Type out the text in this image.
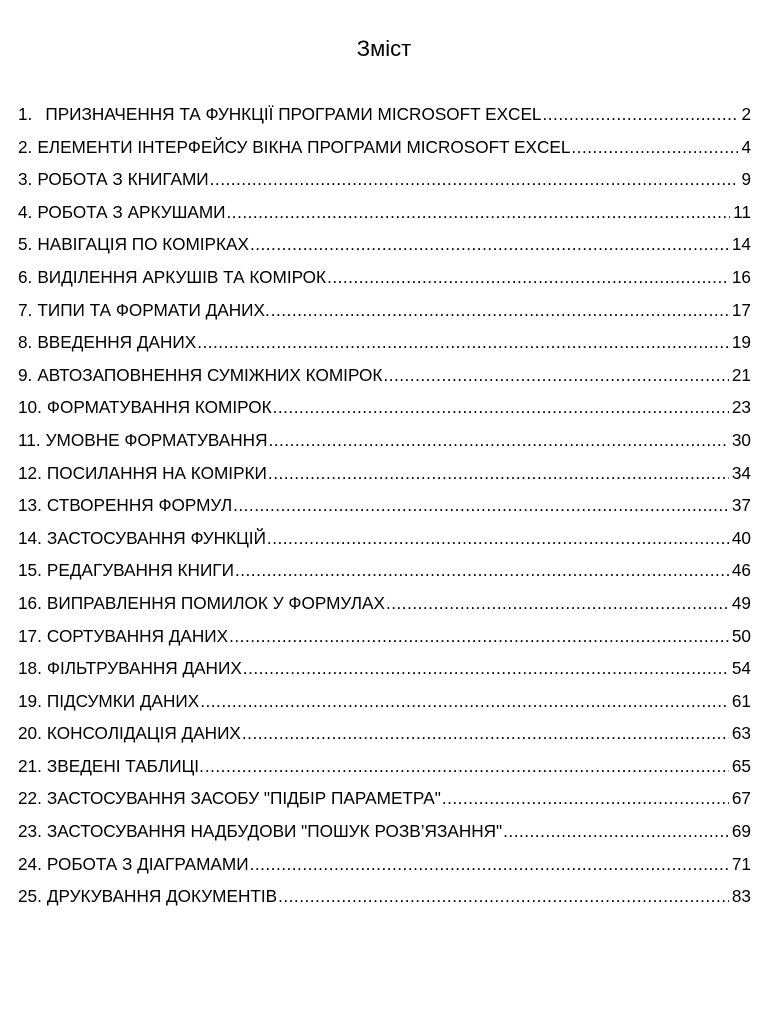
Зміст
1. ПРИЗНАЧЕННЯ ТА ФУНКЦІЇ ПРОГРАМИ MICROSOFT EXCEL .....	2
2. ЕЛЕМЕНТИ ІНТЕРФЕЙСУ ВІКНА ПРОГРАМИ MICROSOFT EXCEL .....	4
3. РОБОТА З КНИГАМИ .....	9
4. РОБОТА З АРКУШАМИ .....	11
5. НАВІГАЦІЯ ПО КОМІРКАХ .....	14
6. ВИДІЛЕННЯ АРКУШІВ ТА КОМІРОК .....	16
7. ТИПИ ТА ФОРМАТИ ДАНИХ. .....	17
8. ВВЕДЕННЯ ДАНИХ .....	19
9. АВТОЗАПОВНЕННЯ СУМІЖНИХ КОМІРОК .....	21
10. ФОРМАТУВАННЯ КОМІРОК .....	23
11. УМОВНЕ ФОРМАТУВАННЯ .....	30
12. ПОСИЛАННЯ НА КОМІРКИ .....	34
13. СТВОРЕННЯ ФОРМУЛ .....	37
14. ЗАСТОСУВАННЯ ФУНКЦІЙ .....	40
15. РЕДАГУВАННЯ КНИГИ .....	46
16. ВИПРАВЛЕННЯ ПОМИЛОК У ФОРМУЛАХ .....	49
17. СОРТУВАННЯ ДАНИХ .....	50
18. ФІЛЬТРУВАННЯ ДАНИХ .....	54
19. ПІДСУМКИ ДАНИХ .....	61
20. КОНСОЛІДАЦІЯ ДАНИХ .....	63
21. ЗВЕДЕНІ ТАБЛИЦІ. .....	65
22. ЗАСТОСУВАННЯ ЗАСОБУ "ПІДБІР ПАРАМЕТРА" .....	67
23. ЗАСТОСУВАННЯ НАДБУДОВИ "ПОШУК РОЗВ’ЯЗАННЯ" .....	69
24. РОБОТА З ДІАГРАМАМИ .....	71
25. ДРУКУВАННЯ ДОКУМЕНТІВ .....	83
